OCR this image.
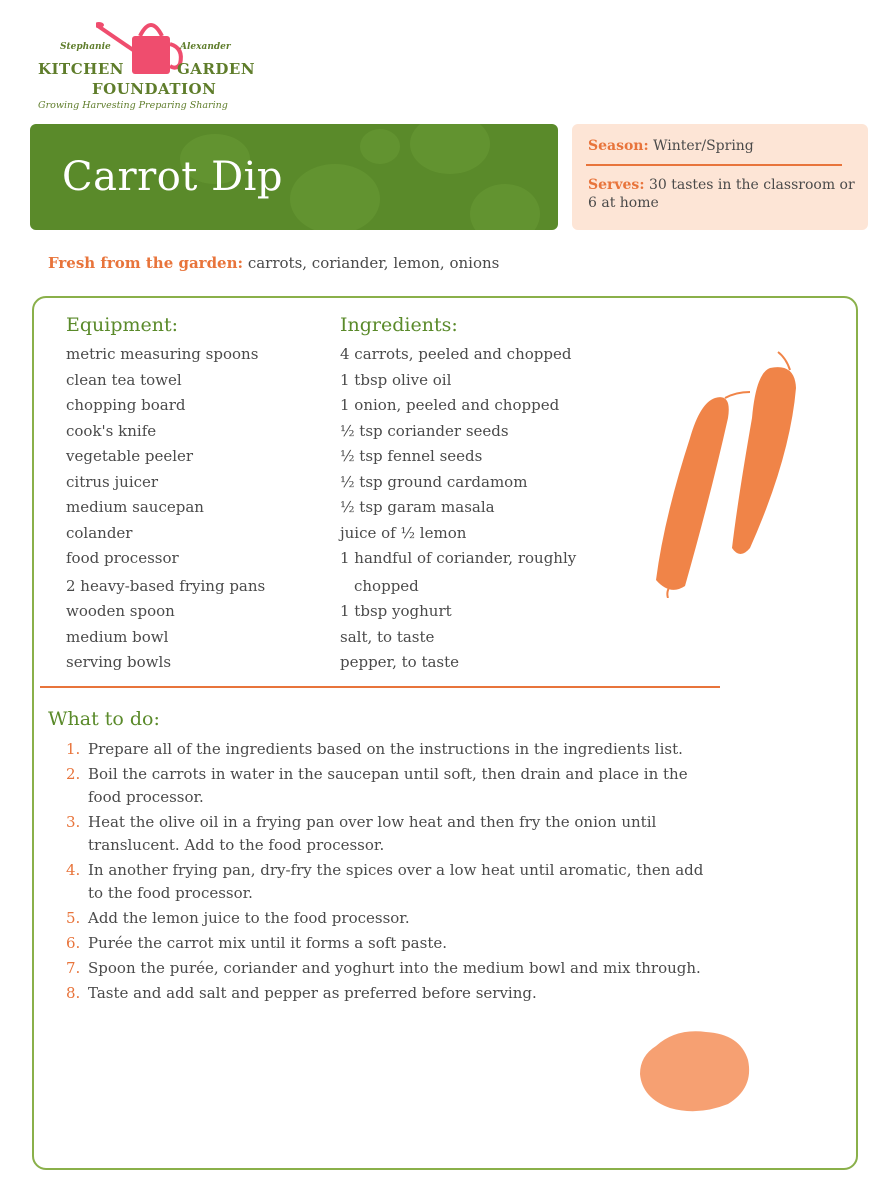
Stephanie	Alexander
KITCHEN	GARDEN
FOUNDATION
Growing Harvesting Preparing Sharing
Carrot Dip
Season: Winter/Spring
Serves: 30 tastes in the classroom or 6 at home
Fresh from the garden: carrots, coriander, lemon, onions
Equipment:
metric measuring spoons
clean tea towel
chopping board
cook's knife
vegetable peeler
citrus juicer
medium saucepan
colander
food processor
2 heavy-based frying pans
wooden spoon
medium bowl
serving bowls
Ingredients:
4 carrots, peeled and chopped
1 tbsp olive oil
1 onion, peeled and chopped
½ tsp coriander seeds
½ tsp fennel seeds
½ tsp ground cardamom
½ tsp garam masala
juice of ½ lemon
1 handful of coriander, roughly
chopped
1 tbsp yoghurt
salt, to taste
pepper, to taste
What to do:
1. Prepare all of the ingredients based on the instructions in the ingredients list.
2. Boil the carrots in water in the saucepan until soft, then drain and place in the food processor.
3. Heat the olive oil in a frying pan over low heat and then fry the onion until translucent. Add to the food processor.
4. In another frying pan, dry-fry the spices over a low heat until aromatic, then add to the food processor.
5. Add the lemon juice to the food processor.
6. Purée the carrot mix until it forms a soft paste.
7. Spoon the purée, coriander and yoghurt into the medium bowl and mix through.
8. Taste and add salt and pepper as preferred before serving.
